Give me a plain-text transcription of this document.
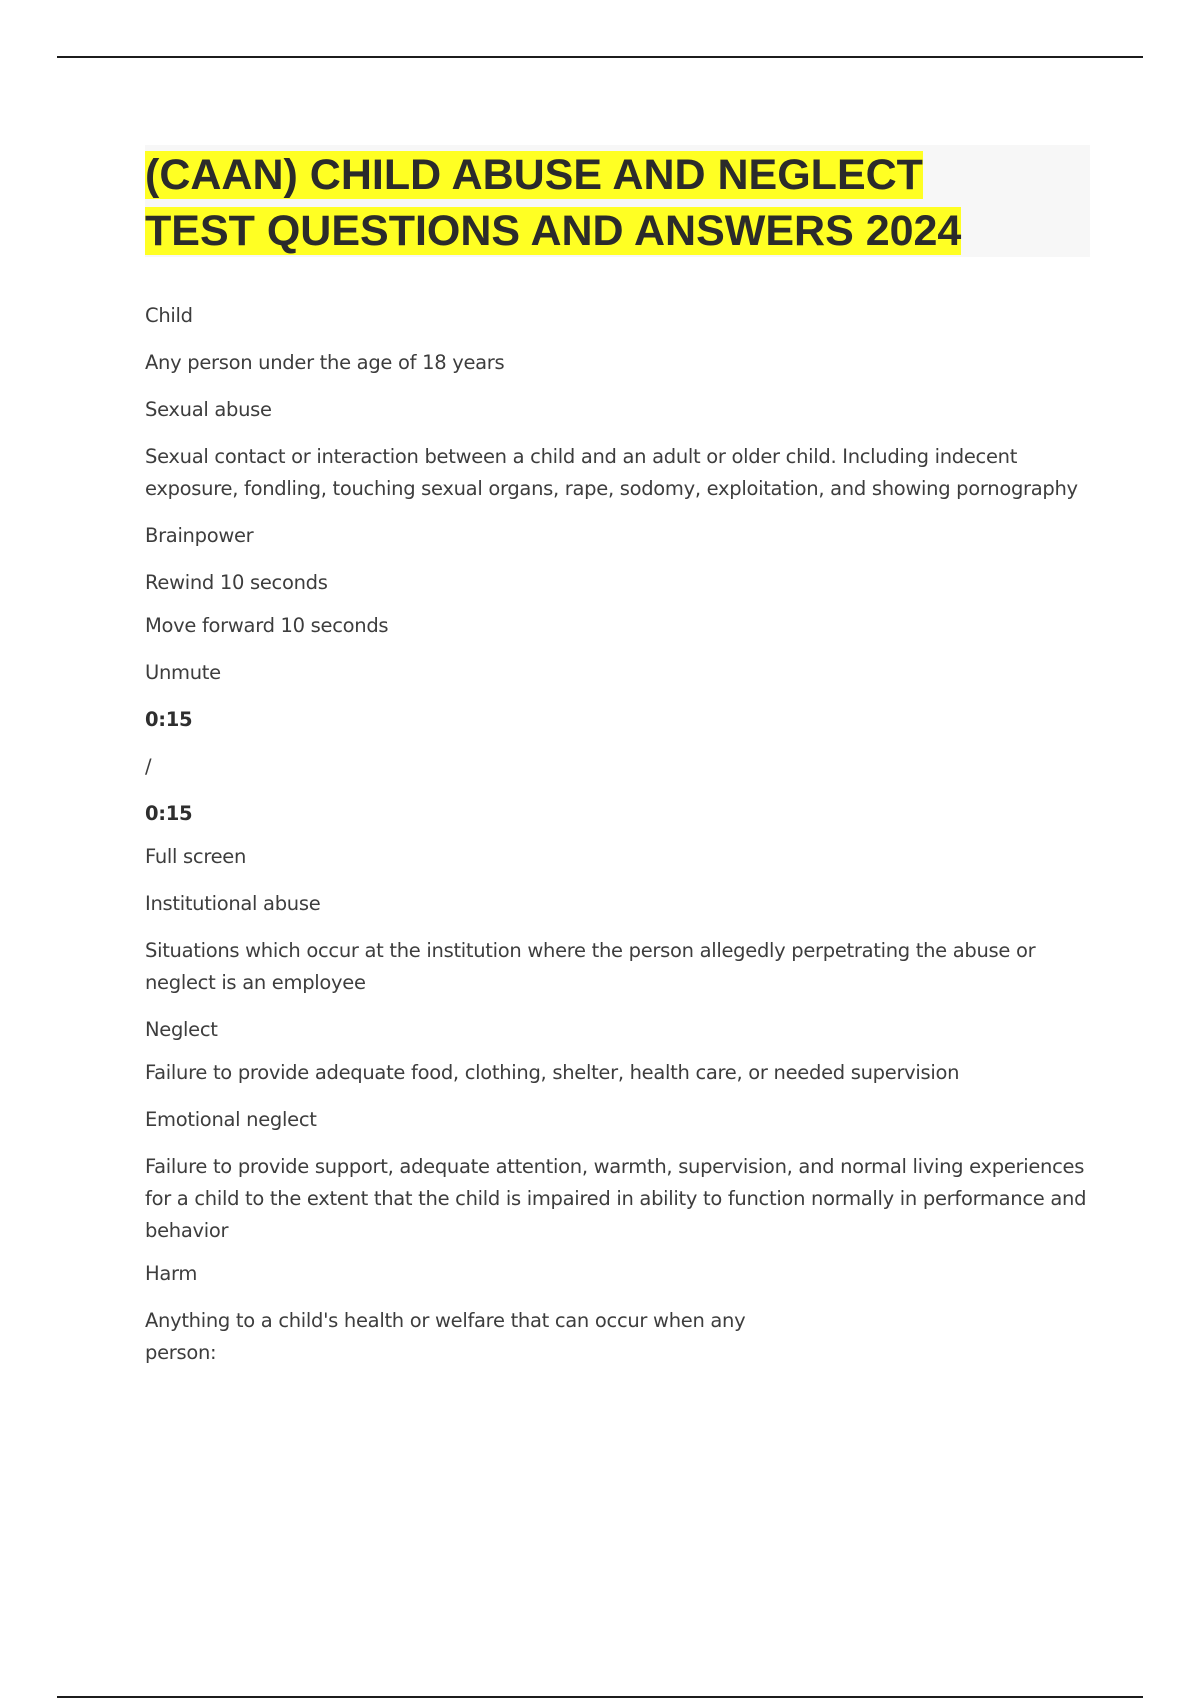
(CAAN) CHILD ABUSE AND NEGLECT
TEST QUESTIONS AND ANSWERS 2024

Child

Any person under the age of 18 years

Sexual abuse

Sexual contact or interaction between a child and an adult or older child. Including indecent exposure, fondling, touching sexual organs, rape, sodomy, exploitation, and showing pornography

Brainpower

Rewind 10 seconds

Move forward 10 seconds

Unmute

0:15

/

0:15

Full screen

Institutional abuse

Situations which occur at the institution where the person allegedly perpetrating the abuse or neglect is an employee

Neglect

Failure to provide adequate food, clothing, shelter, health care, or needed supervision

Emotional neglect

Failure to provide support, adequate attention, warmth, supervision, and normal living experiences for a child to the extent that the child is impaired in ability to function normally in performance and behavior

Harm

Anything to a child's health or welfare that can occur when any person:
